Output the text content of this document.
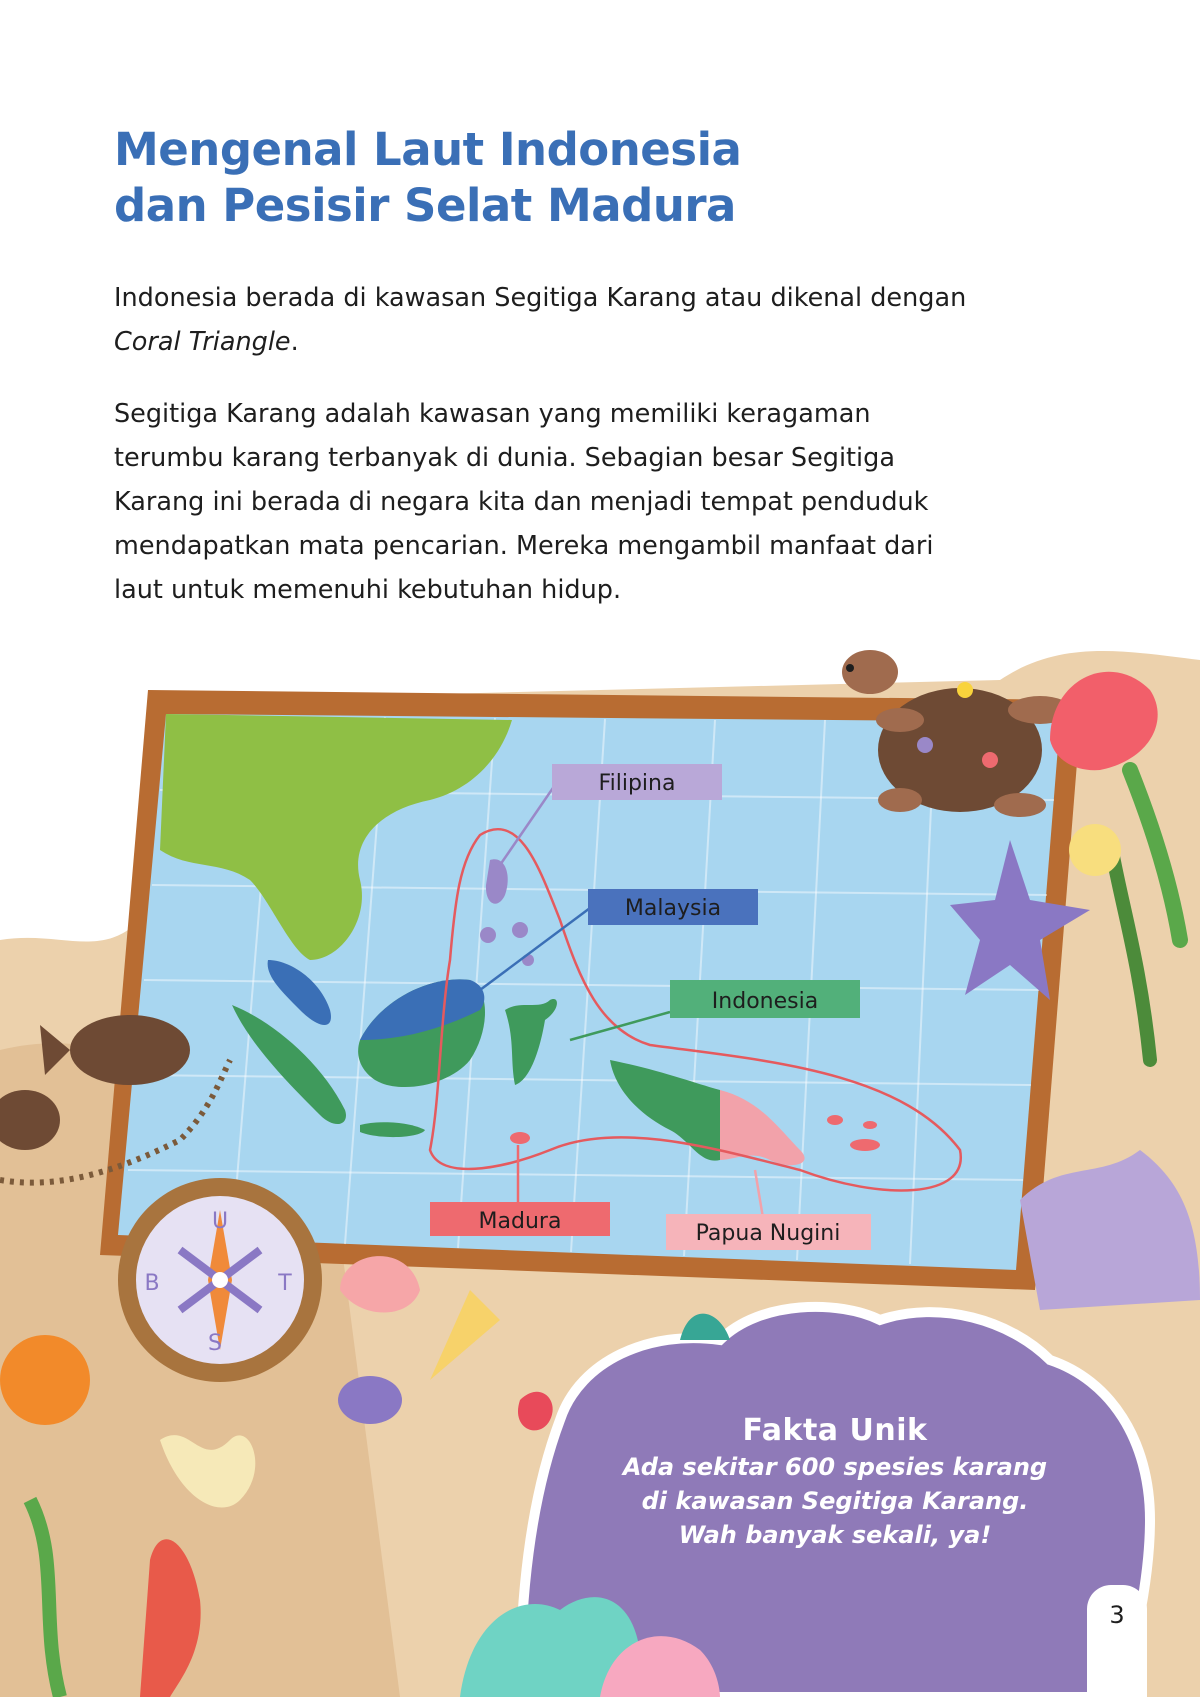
Mengenal Laut Indonesia
dan Pesisir Selat Madura

Indonesia berada di kawasan Segitiga Karang atau dikenal dengan
Coral Triangle.

Segitiga Karang adalah kawasan yang memiliki keragaman terumbu karang terbanyak di dunia. Sebagian besar Segitiga Karang ini berada di negara kita dan menjadi tempat penduduk mendapatkan mata pencarian. Mereka mengambil manfaat dari laut untuk memenuhi kebutuhan hidup.

Filipina
Malaysia
Indonesia
Madura	Papua Nugini
U
S
T
B
Fakta Unik
Ada sekitar 600 spesies karang
di kawasan Segitiga Karang.
Wah banyak sekali, ya!
3
